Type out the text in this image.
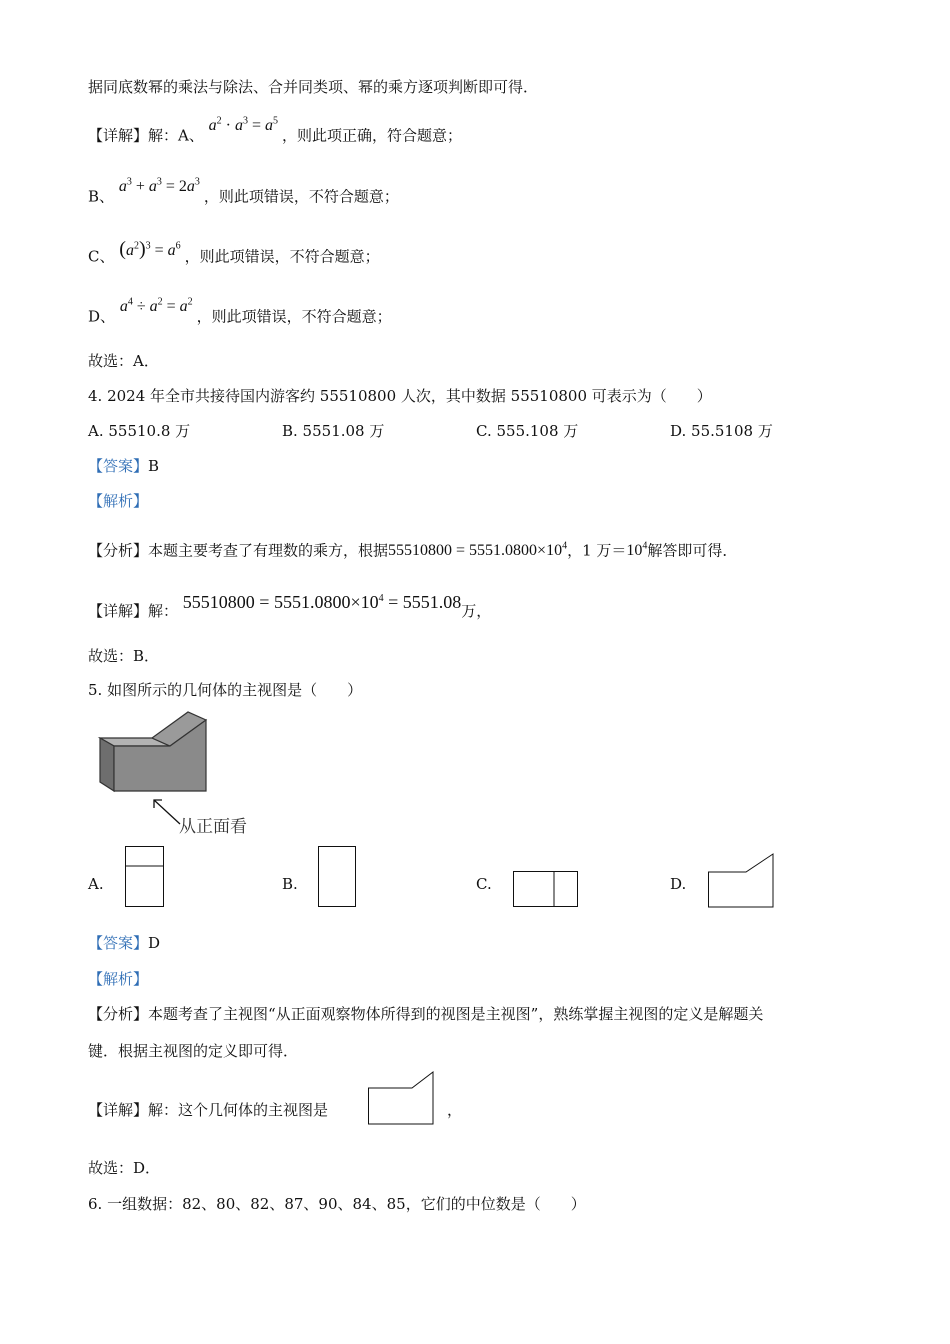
据同底数幂的乘法与除法、合并同类项、幂的乘方逐项判断即可得．
【详解】解：A、 $a^2 \cdot a^3 = a^5$ ，则此项正确，符合题意；
B、 $a^3 + a^3 = 2a^3$ ，则此项错误，不符合题意；
C、 $(a^2)^3 = a^6$ ，则此项错误，不符合题意；
D、 $a^4 \div a^2 = a^2$ ，则此项错误，不符合题意；
故选：A．
4. 2024 年全市共接待国内游客约 55510800 人次，其中数据 55510800 可表示为（　　）
A. 55510.8 万	B. 5551.08 万	C. 555.108 万	D. 55.5108 万
【答案】B
【解析】
【分析】本题主要考查了有理数的乘方，根据$55510800 = 5551.0800\times 10^4$，1 万$=10^4$解答即可得．
【详解】解： $55510800 = 5551.0800\times 10^4 = 5551.08$万，
故选：B．
5. 如图所示的几何体的主视图是（　　）
从正面看
A.	B.	C.	D.
【答案】D
【解析】
【分析】本题考查了主视图“从正面观察物体所得到的视图是主视图”，熟练掌握主视图的定义是解题关
键．根据主视图的定义即可得．
【详解】解：这个几何体的主视图是	，
故选：D．
6. 一组数据：82、80、82、87、90、84、85，它们的中位数是（　　）
